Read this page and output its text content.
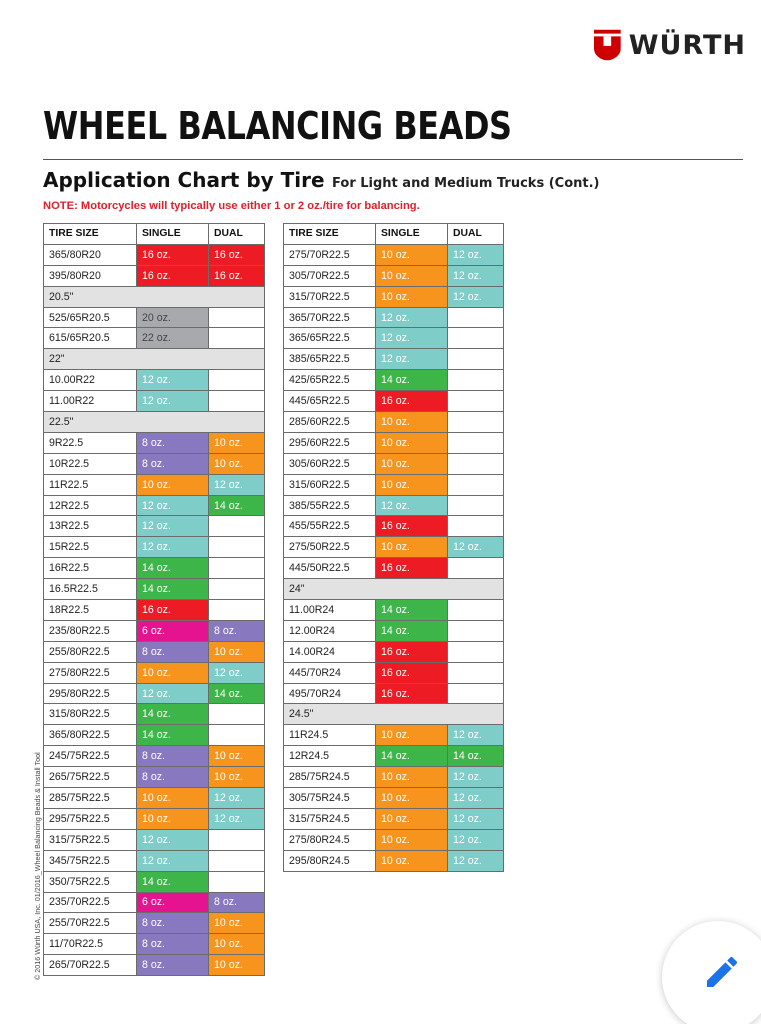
WÜRTH
WHEEL BALANCING BEADS
Application Chart by Tire For Light and Medium Trucks (Cont.)
NOTE: Motorcycles will typically use either 1 or 2 oz./tire for balancing.
TIRE SIZE	SINGLE	DUAL
365/80R20	16 oz.	16 oz.
395/80R20	16 oz.	16 oz.
20.5"		
525/65R20.5	20 oz.	
615/65R20.5	22 oz.	
22"		
10.00R22	12 oz.	
11.00R22	12 oz.	
22.5"		
9R22.5	8 oz.	10 oz.
10R22.5	8 oz.	10 oz.
11R22.5	10 oz.	12 oz.
12R22.5	12 oz.	14 oz.
13R22.5	12 oz.	
15R22.5	12 oz.	
16R22.5	14 oz.	
16.5R22.5	14 oz.	
18R22.5	16 oz.	
235/80R22.5	6 oz.	8 oz.
255/80R22.5	8 oz.	10 oz.
275/80R22.5	10 oz.	12 oz.
295/80R22.5	12 oz.	14 oz.
315/80R22.5	14 oz.	
365/80R22.5	14 oz.	
245/75R22.5	8 oz.	10 oz.
265/75R22.5	8 oz.	10 oz.
285/75R22.5	10 oz.	12 oz.
295/75R22.5	10 oz.	12 oz.
315/75R22.5	12 oz.	
345/75R22.5	12 oz.	
350/75R22.5	14 oz.	
235/70R22.5	6 oz.	8 oz.
255/70R22.5	8 oz.	10 oz.
11/70R22.5	8 oz.	10 oz.
265/70R22.5	8 oz.	10 oz.
TIRE SIZE	SINGLE	DUAL
275/70R22.5	10 oz.	12 oz.
305/70R22.5	10 oz.	12 oz.
315/70R22.5	10 oz.	12 oz.
365/70R22.5	12 oz.	
365/65R22.5	12 oz.	
385/65R22.5	12 oz.	
425/65R22.5	14 oz.	
445/65R22.5	16 oz.	
285/60R22.5	10 oz.	
295/60R22.5	10 oz.	
305/60R22.5	10 oz.	
315/60R22.5	10 oz.	
385/55R22.5	12 oz.	
455/55R22.5	16 oz.	
275/50R22.5	10 oz.	12 oz.
445/50R22.5	16 oz.	
24"		
11.00R24	14 oz.	
12.00R24	14 oz.	
14.00R24	16 oz.	
445/70R24	16 oz.	
495/70R24	16 oz.	
24.5"		
11R24.5	10 oz.	12 oz.
12R24.5	14 oz.	14 oz.
285/75R24.5	10 oz.	12 oz.
305/75R24.5	10 oz.	12 oz.
315/75R24.5	10 oz.	12 oz.
275/80R24.5	10 oz.	12 oz.
295/80R24.5	10 oz.	12 oz.
© 2016 Würth USA, Inc. 01/2016_Wheel Balancing Beads & Install Tool
